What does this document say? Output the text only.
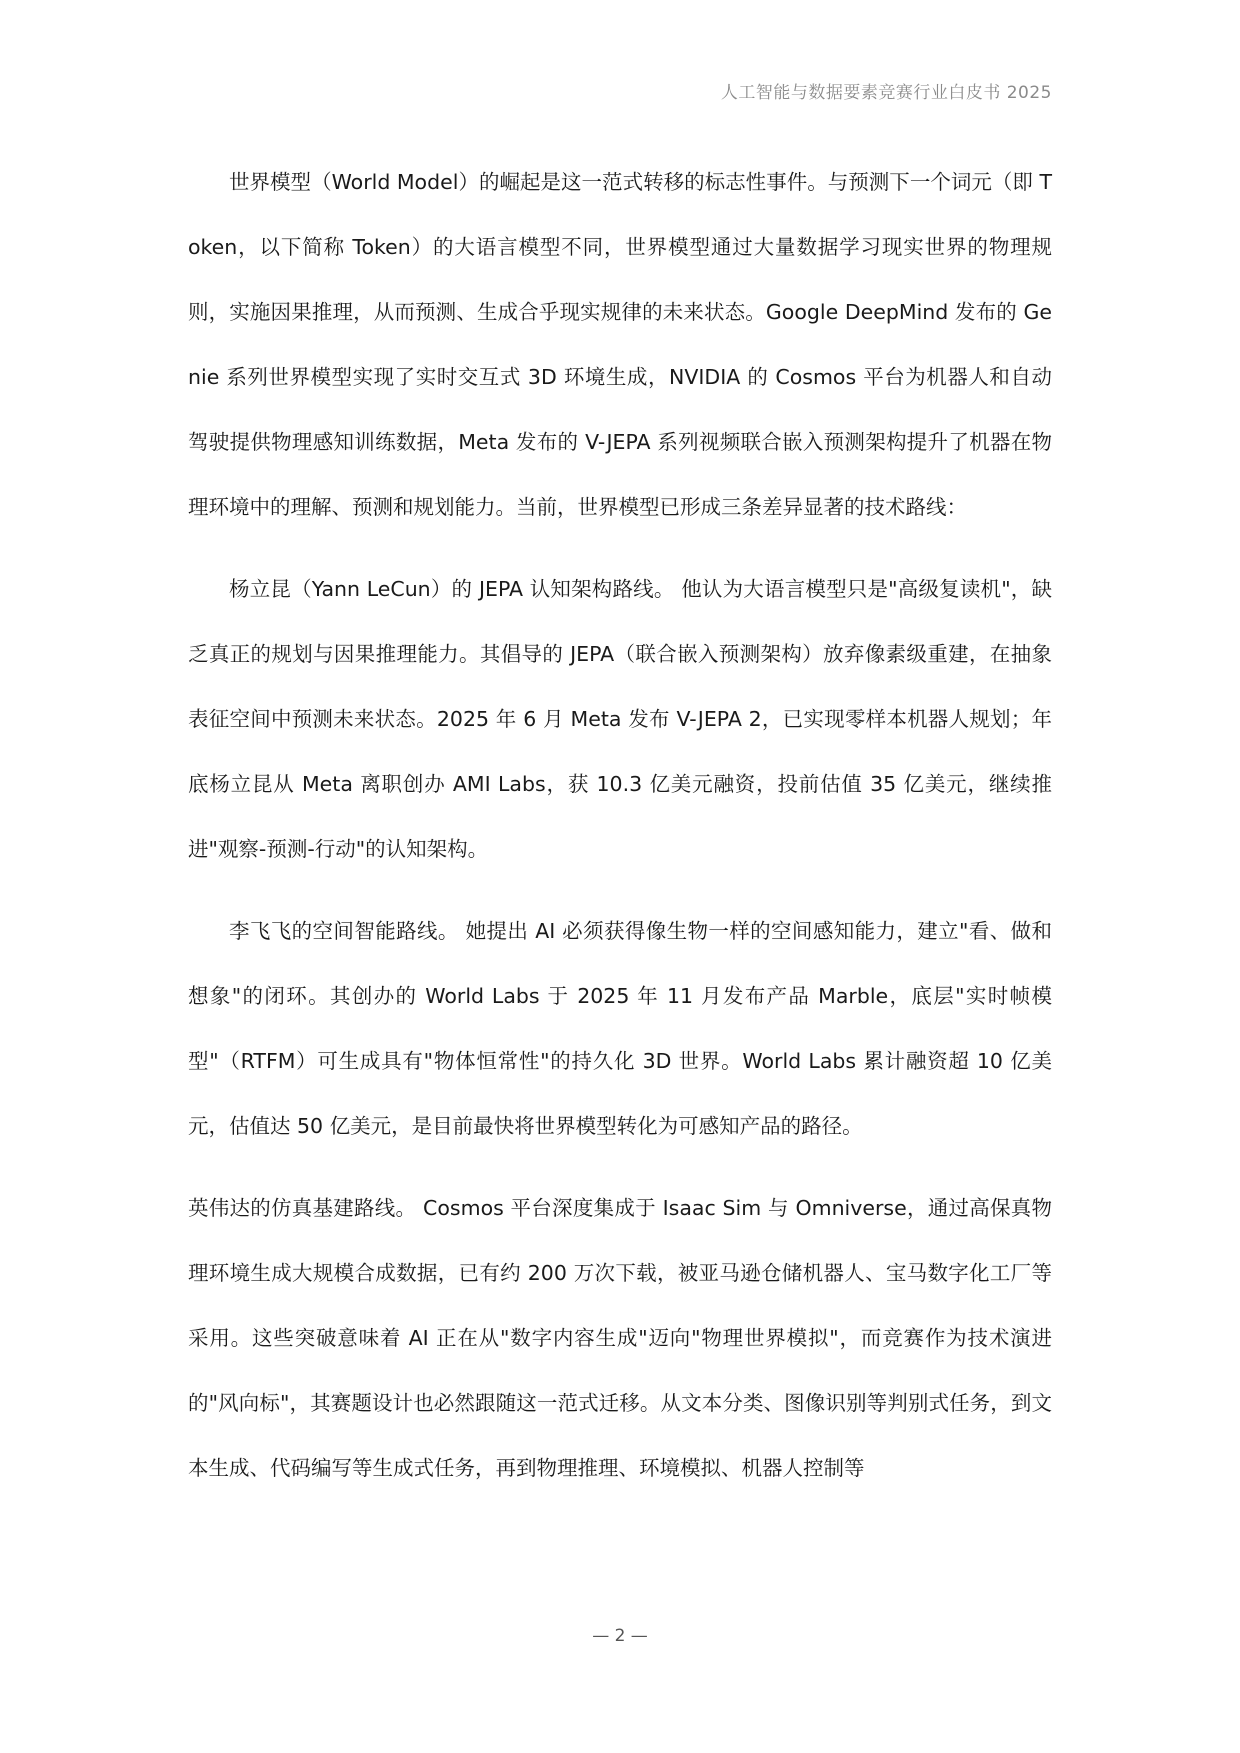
人工智能与数据要素竞赛行业白皮书 2025

世界模型（World Model）的崛起是这一范式转移的标志性事件。与预测下一个词元（即 Token，以下简称 Token）的大语言模型不同，世界模型通过大量数据学习现实世界的物理规则，实施因果推理，从而预测、生成合乎现实规律的未来状态。Google DeepMind 发布的 Genie 系列世界模型实现了实时交互式 3D 环境生成，NVIDIA 的 Cosmos 平台为机器人和自动驾驶提供物理感知训练数据，Meta 发布的 V-JEPA 系列视频联合嵌入预测架构提升了机器在物理环境中的理解、预测和规划能力。当前，世界模型已形成三条差异显著的技术路线：

杨立昆（Yann LeCun）的 JEPA 认知架构路线。 他认为大语言模型只是"高级复读机"，缺乏真正的规划与因果推理能力。其倡导的 JEPA（联合嵌入预测架构）放弃像素级重建，在抽象表征空间中预测未来状态。2025 年 6 月 Meta 发布 V-JEPA 2，已实现零样本机器人规划；年底杨立昆从 Meta 离职创办 AMI Labs，获 10.3 亿美元融资，投前估值 35 亿美元，继续推进"观察-预测-行动"的认知架构。

李飞飞的空间智能路线。 她提出 AI 必须获得像生物一样的空间感知能力，建立"看、做和想象"的闭环。其创办的 World Labs 于 2025 年 11 月发布产品 Marble，底层"实时帧模型"（RTFM）可生成具有"物体恒常性"的持久化 3D 世界。World Labs 累计融资超 10 亿美元，估值达 50 亿美元，是目前最快将世界模型转化为可感知产品的路径。

英伟达的仿真基建路线。 Cosmos 平台深度集成于 Isaac Sim 与 Omniverse，通过高保真物理环境生成大规模合成数据，已有约 200 万次下载，被亚马逊仓储机器人、宝马数字化工厂等采用。这些突破意味着 AI 正在从"数字内容生成"迈向"物理世界模拟"，而竞赛作为技术演进的"风向标"，其赛题设计也必然跟随这一范式迁移。从文本分类、图像识别等判别式任务，到文本生成、代码编写等生成式任务，再到物理推理、环境模拟、机器人控制等

— 2 —
